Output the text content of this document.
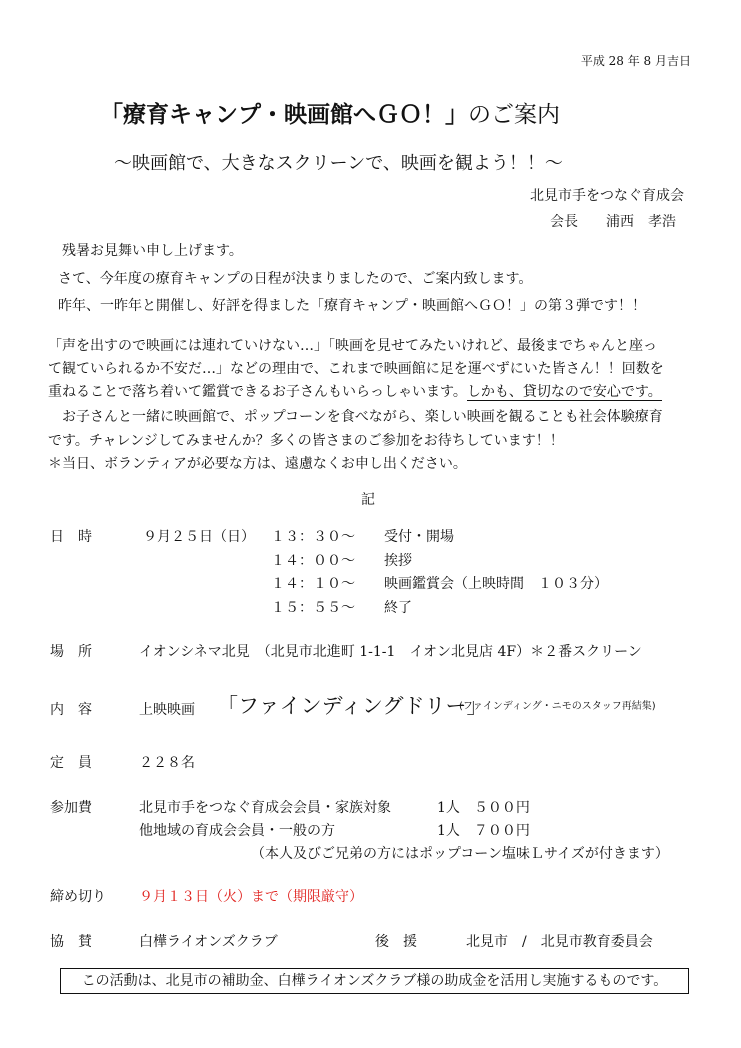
平成 28 年 8 月吉日
「療育キャンプ・映画館へＧＯ！」のご案内
～映画館で、大きなスクリーンで、映画を観よう！！～
北見市手をつなぐ育成会
会長　　浦西　孝浩
　残暑お見舞い申し上げます。
さて、今年度の療育キャンプの日程が決まりましたので、ご案内致します。
昨年、一昨年と開催し、好評を得ました「療育キャンプ・映画館へＧＯ！」の第３弾です！！
「声を出すので映画には連れていけない…」「映画を見せてみたいけれど、最後までちゃんと座っ
て観ていられるか不安だ…」などの理由で、これまで映画館に足を運べずにいた皆さん！！回数を
重ねることで落ち着いて鑑賞できるお子さんもいらっしゃいます。しかも、貸切なので安心です。
　お子さんと一緒に映画館で、ポップコーンを食べながら、楽しい映画を観ることも社会体験療育
です。チャレンジしてみませんか？多くの皆さまのご参加をお待ちしています！！
＊当日、ボランティアが必要な方は、遠慮なくお申し出ください。
記
日　時	９月２５日（日） １３：３０～ 受付・開場
１４：００～ 挨拶
１４：１０～ 映画鑑賞会（上映時間　１０３分）
１５：５５～ 終了
場　所	イオンシネマ北見　（北見市北進町 1-1-1　イオン北見店 4F）＊２番スクリーン
内　容	上映映画 「ファインディングドリー」
(ファインディング・ニモのスタッフ再結集)
定　員	２２８名
参加費	北見市手をつなぐ育成会会員・家族対象	1人　５００円
他地域の育成会会員・一般の方	1人　７００円
（本人及びご兄弟の方にはポップコーン塩味Ｌサイズが付きます）
締め切り ９月１３日（火）まで（期限厳守）
協　賛	白樺ライオンズクラブ	後　援	北見市　/　北見市教育委員会
この活動は、北見市の補助金、白樺ライオンズクラブ様の助成金を活用し実施するものです。
